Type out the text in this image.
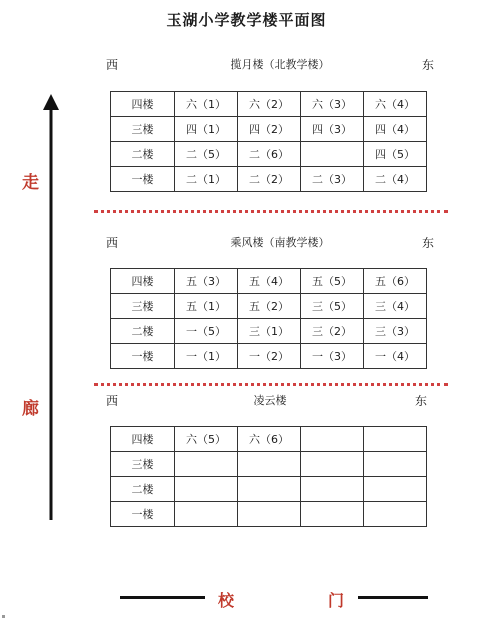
玉湖小学教学楼平面图
走
廊
西	揽月楼（北教学楼）	东
四楼	六（1）	六（2）	六（3）	六（4）
三楼	四（1）	四（2）	四（3）	四（4）
二楼	二（5）	二（6）		四（5）
一楼	二（1）	二（2）	二（3）	二（4）
西	乘风楼（南教学楼）	东
四楼	五（3）	五（4）	五（5）	五（6）
三楼	五（1）	五（2）	三（5）	三（4）
二楼	一（5）	三（1）	三（2）	三（3）
一楼	一（1）	一（2）	一（3）	一（4）
西	凌云楼	东
四楼	六（5）	六（6）		
三楼				
二楼				
一楼				
校	门
